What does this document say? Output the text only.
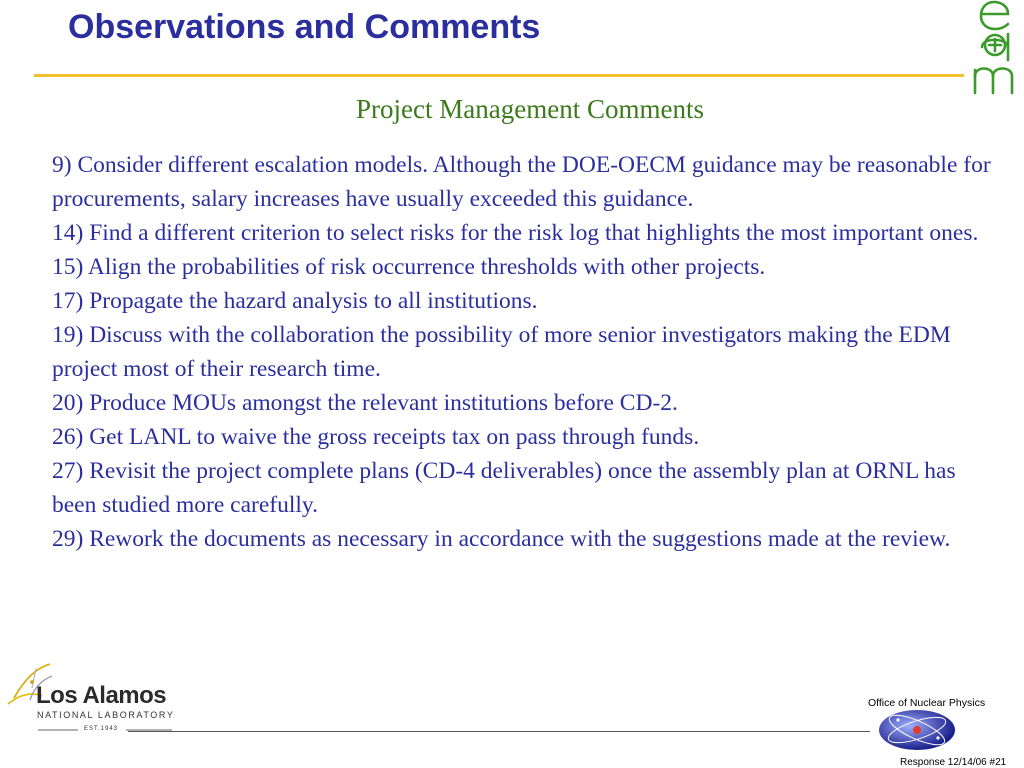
Observations and Comments
Project Management Comments
9) Consider different escalation models. Although the DOE-OECM guidance may be reasonable for procurements, salary increases have usually exceeded this guidance.
14) Find a different criterion to select risks for the risk log that highlights the most important ones.
15) Align the probabilities of risk occurrence thresholds with other projects.
17) Propagate the hazard analysis to all institutions.
19) Discuss with the collaboration the possibility of more senior investigators making the EDM project most of their research time.
20) Produce MOUs amongst the relevant institutions before CD-2.
26) Get LANL to waive the gross receipts tax on pass through funds.
27) Revisit the project complete plans (CD-4 deliverables) once the assembly plan at ORNL has been studied more carefully.
29) Rework the documents as necessary in accordance with the suggestions made at the review.
Los Alamos
NATIONAL LABORATORY
EST.1943
Office of Nuclear Physics
Response 12/14/06 #21
